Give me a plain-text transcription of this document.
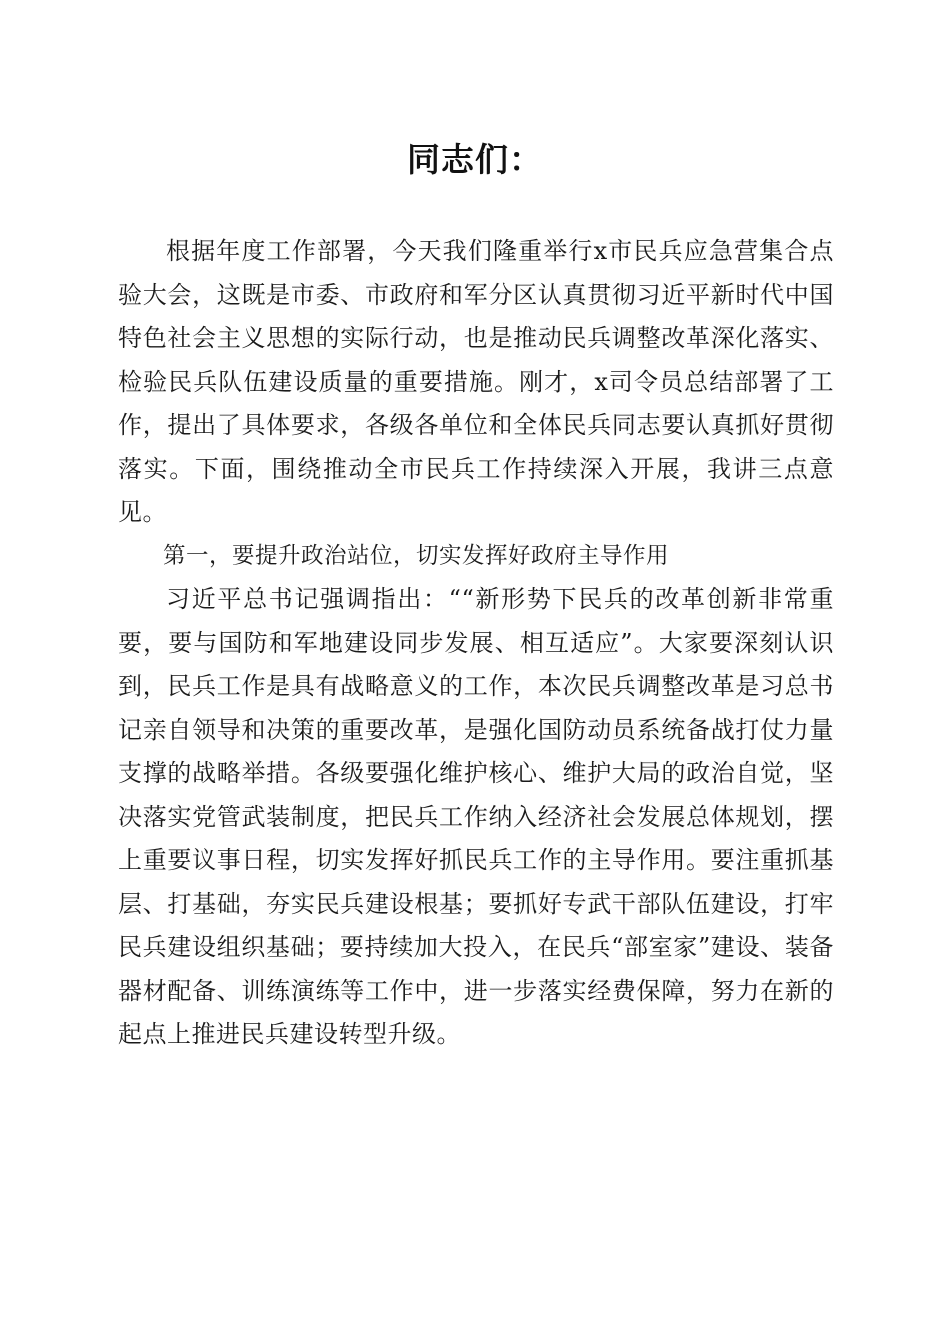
同志们：

根据年度工作部署，今天我们隆重举行x市民兵应急营集合点验大会，这既是市委、市政府和军分区认真贯彻习近平新时代中国特色社会主义思想的实际行动，也是推动民兵调整改革深化落实、检验民兵队伍建设质量的重要措施。刚才，x司令员总结部署了工作，提出了具体要求，各级各单位和全体民兵同志要认真抓好贯彻落实。下面，围绕推动全市民兵工作持续深入开展，我讲三点意见。

第一，要提升政治站位，切实发挥好政府主导作用

习近平总书记强调指出：““新形势下民兵的改革创新非常重要，要与国防和军地建设同步发展、相互适应”。大家要深刻认识到，民兵工作是具有战略意义的工作，本次民兵调整改革是习总书记亲自领导和决策的重要改革，是强化国防动员系统备战打仗力量支撑的战略举措。各级要强化维护核心、维护大局的政治自觉，坚决落实党管武装制度，把民兵工作纳入经济社会发展总体规划，摆上重要议事日程，切实发挥好抓民兵工作的主导作用。要注重抓基层、打基础，夯实民兵建设根基；要抓好专武干部队伍建设，打牢民兵建设组织基础；要持续加大投入，在民兵“部室家”建设、装备器材配备、训练演练等工作中，进一步落实经费保障，努力在新的起点上推进民兵建设转型升级。
